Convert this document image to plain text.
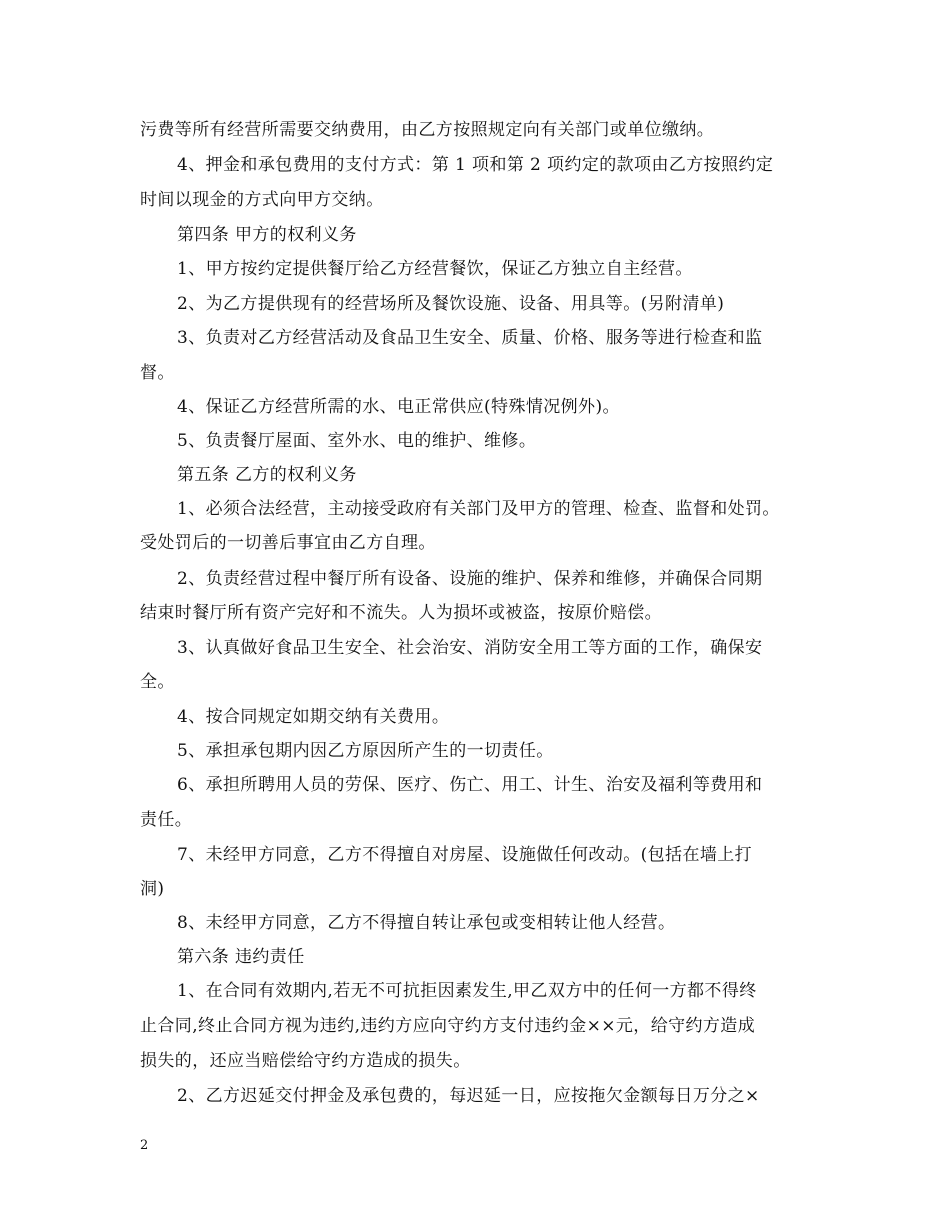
污费等所有经营所需要交纳费用，由乙方按照规定向有关部门或单位缴纳。
4、押金和承包费用的支付方式：第 1 项和第 2 项约定的款项由乙方按照约定
时间以现金的方式向甲方交纳。
第四条 甲方的权利义务
1、甲方按约定提供餐厅给乙方经营餐饮，保证乙方独立自主经营。
2、为乙方提供现有的经营场所及餐饮设施、设备、用具等。(另附清单)
3、负责对乙方经营活动及食品卫生安全、质量、价格、服务等进行检查和监
督。
4、保证乙方经营所需的水、电正常供应(特殊情况例外)。
5、负责餐厅屋面、室外水、电的维护、维修。
第五条 乙方的权利义务
1、必须合法经营，主动接受政府有关部门及甲方的管理、检查、监督和处罚。
受处罚后的一切善后事宜由乙方自理。
2、负责经营过程中餐厅所有设备、设施的维护、保养和维修，并确保合同期
结束时餐厅所有资产完好和不流失。人为损坏或被盗，按原价赔偿。
3、认真做好食品卫生安全、社会治安、消防安全用工等方面的工作，确保安
全。
4、按合同规定如期交纳有关费用。
5、承担承包期内因乙方原因所产生的一切责任。
6、承担所聘用人员的劳保、医疗、伤亡、用工、计生、治安及福利等费用和
责任。
7、未经甲方同意，乙方不得擅自对房屋、设施做任何改动。(包括在墙上打
洞)
8、未经甲方同意，乙方不得擅自转让承包或变相转让他人经营。
第六条 违约责任
1、在合同有效期内,若无不可抗拒因素发生,甲乙双方中的任何一方都不得终
止合同,终止合同方视为违约,违约方应向守约方支付违约金××元，给守约方造成
损失的，还应当赔偿给守约方造成的损失。
2、乙方迟延交付押金及承包费的，每迟延一日，应按拖欠金额每日万分之×
2
